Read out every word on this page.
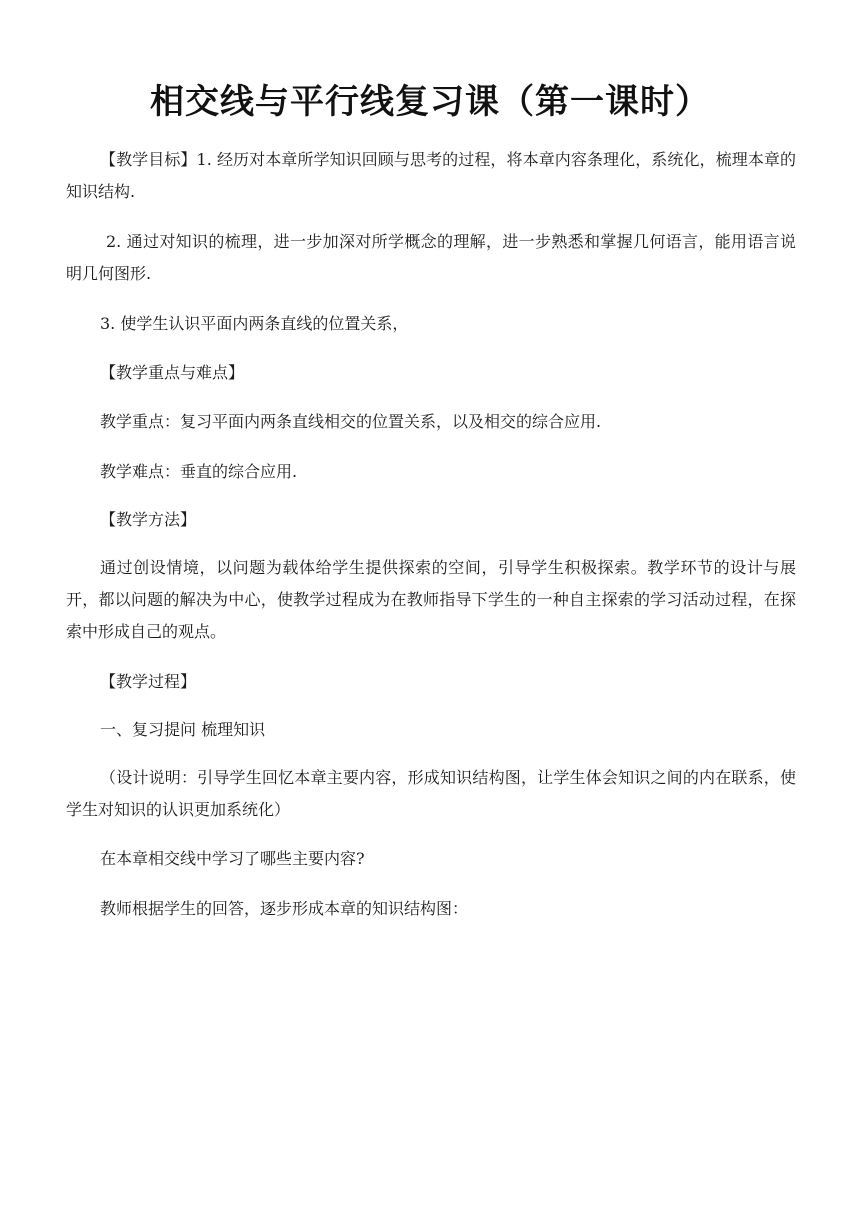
相交线与平行线复习课（第一课时）

【教学目标】1. 经历对本章所学知识回顾与思考的过程，将本章内容条理化，系统化，梳理本章的知识结构.

2. 通过对知识的梳理，进一步加深对所学概念的理解，进一步熟悉和掌握几何语言，能用语言说明几何图形.

3. 使学生认识平面内两条直线的位置关系，

【教学重点与难点】

教学重点：复习平面内两条直线相交的位置关系，以及相交的综合应用.

教学难点：垂直的综合应用.

【教学方法】

通过创设情境，以问题为载体给学生提供探索的空间，引导学生积极探索。教学环节的设计与展开，都以问题的解决为中心，使教学过程成为在教师指导下学生的一种自主探索的学习活动过程，在探索中形成自己的观点。

【教学过程】

一、复习提问 梳理知识

（设计说明：引导学生回忆本章主要内容，形成知识结构图，让学生体会知识之间的内在联系，使学生对知识的认识更加系统化）

在本章相交线中学习了哪些主要内容?

教师根据学生的回答，逐步形成本章的知识结构图：
